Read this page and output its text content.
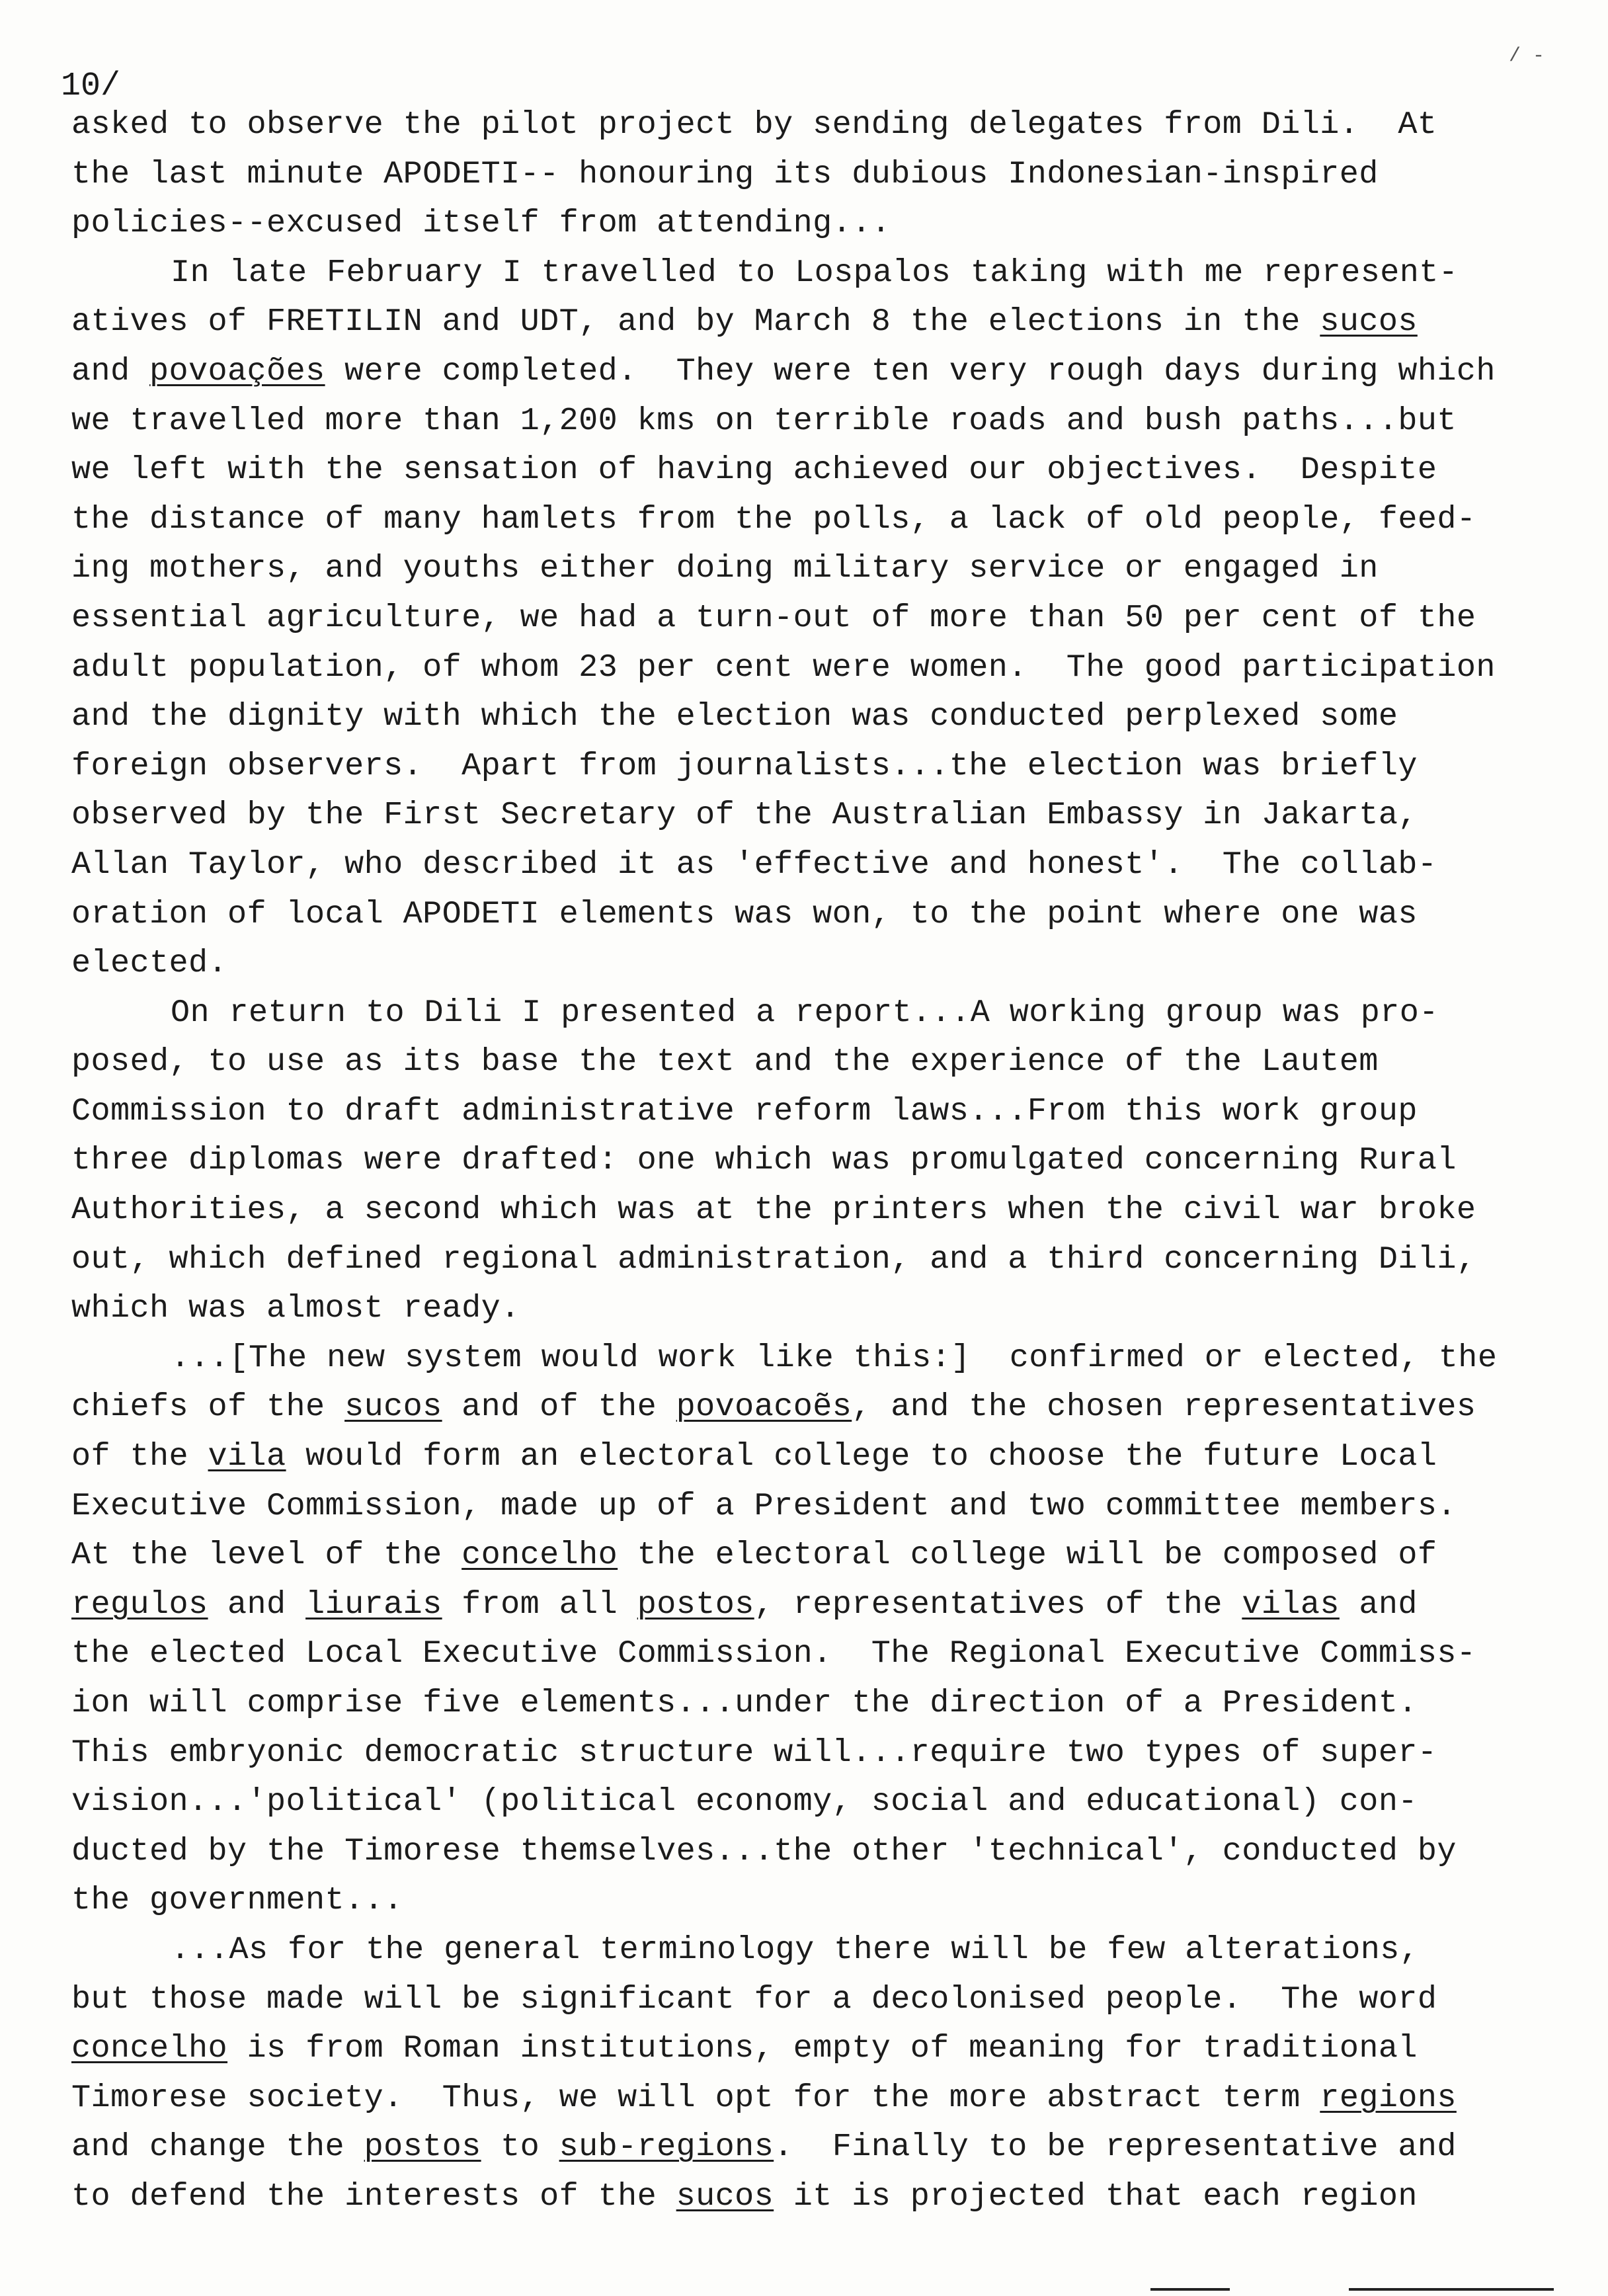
10/
/ -
asked to observe the pilot project by sending delegates from Dili.  At
the last minute APODETI-- honouring its dubious Indonesian-inspired
policies--excused itself from attending...
In late February I travelled to Lospalos taking with me represent-
atives of FRETILIN and UDT, and by March 8 the elections in the sucos
and povoações were completed.  They were ten very rough days during which
we travelled more than 1,200 kms on terrible roads and bush paths...but
we left with the sensation of having achieved our objectives.  Despite
the distance of many hamlets from the polls, a lack of old people, feed-
ing mothers, and youths either doing military service or engaged in
essential agriculture, we had a turn-out of more than 50 per cent of the
adult population, of whom 23 per cent were women.  The good participation
and the dignity with which the election was conducted perplexed some
foreign observers.  Apart from journalists...the election was briefly
observed by the First Secretary of the Australian Embassy in Jakarta,
Allan Taylor, who described it as 'effective and honest'.  The collab-
oration of local APODETI elements was won, to the point where one was
elected.
On return to Dili I presented a report...A working group was pro-
posed, to use as its base the text and the experience of the Lautem
Commission to draft administrative reform laws...From this work group
three diplomas were drafted: one which was promulgated concerning Rural
Authorities, a second which was at the printers when the civil war broke
out, which defined regional administration, and a third concerning Dili,
which was almost ready.
...[The new system would work like this:]  confirmed or elected, the
chiefs of the sucos and of the povoacoẽs, and the chosen representatives
of the vila would form an electoral college to choose the future Local
Executive Commission, made up of a President and two committee members.
At the level of the concelho the electoral college will be composed of
regulos and liurais from all postos, representatives of the vilas and
the elected Local Executive Commission.  The Regional Executive Commiss-
ion will comprise five elements...under the direction of a President.
This embryonic democratic structure will...require two types of super-
vision...'political' (political economy, social and educational) con-
ducted by the Timorese themselves...the other 'technical', conducted by
the government...
...As for the general terminology there will be few alterations,
but those made will be significant for a decolonised people.  The word
concelho is from Roman institutions, empty of meaning for traditional
Timorese society.  Thus, we will opt for the more abstract term regions
and change the postos to sub-regions.  Finally to be representative and
to defend the interests of the sucos it is projected that each region
